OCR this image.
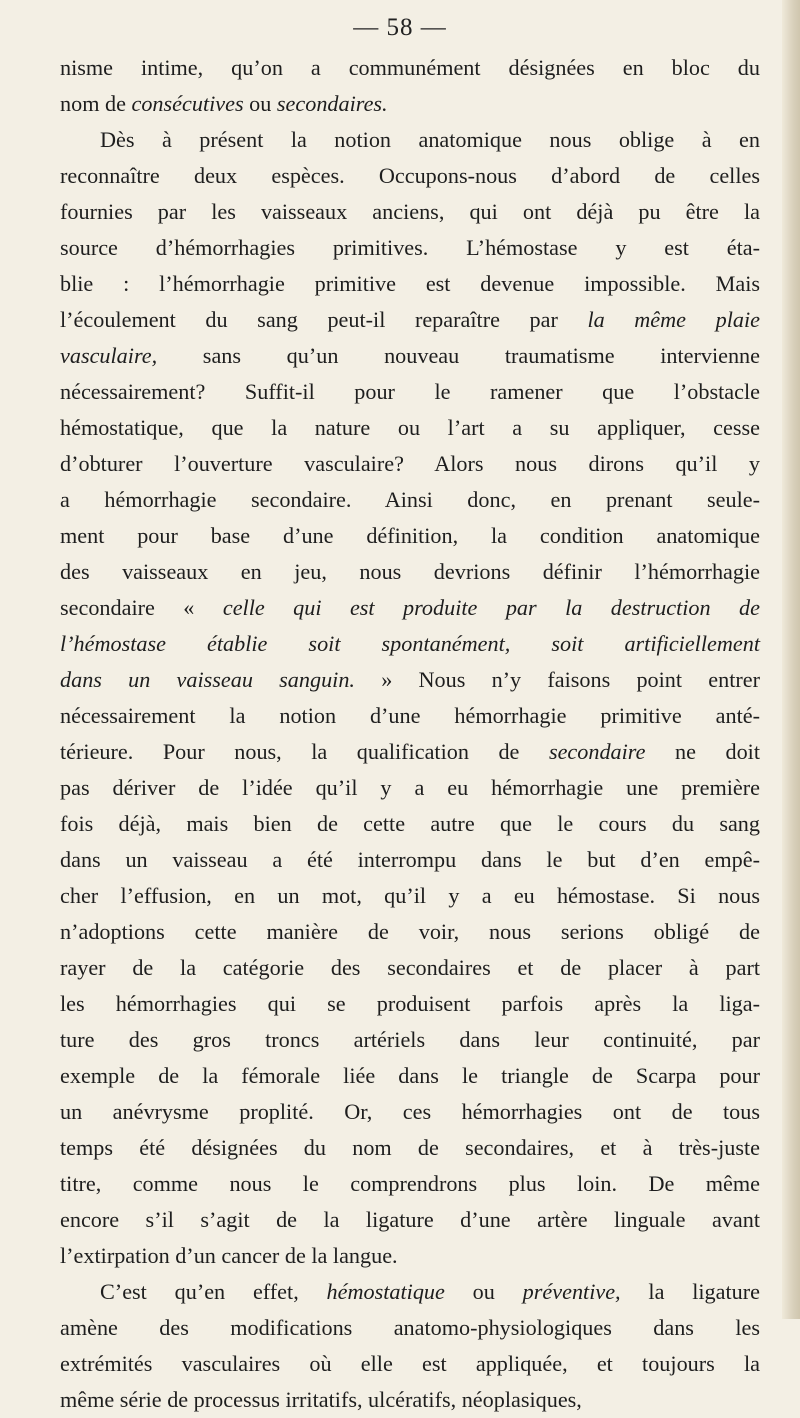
— 58 —

nisme intime, qu’on a communément désignées en bloc du
nom de consécutives ou secondaires.

Dès à présent la notion anatomique nous oblige à en
reconnaître deux espèces. Occupons-nous d’abord de celles
fournies par les vaisseaux anciens, qui ont déjà pu être la
source d’hémorrhagies primitives. L’hémostase y est éta-
blie : l’hémorrhagie primitive est devenue impossible. Mais
l’écoulement du sang peut-il reparaître par la même plaie
vasculaire, sans qu’un nouveau traumatisme intervienne
nécessairement? Suffit-il pour le ramener que l’obstacle
hémostatique, que la nature ou l’art a su appliquer, cesse
d’obturer l’ouverture vasculaire? Alors nous dirons qu’il y
a hémorrhagie secondaire. Ainsi donc, en prenant seule-
ment pour base d’une définition, la condition anatomique
des vaisseaux en jeu, nous devrions définir l’hémorrhagie
secondaire « celle qui est produite par la destruction de
l’hémostase établie soit spontanément, soit artificiellement
dans un vaisseau sanguin. » Nous n’y faisons point entrer
nécessairement la notion d’une hémorrhagie primitive anté-
térieure. Pour nous, la qualification de secondaire ne doit
pas dériver de l’idée qu’il y a eu hémorrhagie une première
fois déjà, mais bien de cette autre que le cours du sang
dans un vaisseau a été interrompu dans le but d’en empê-
cher l’effusion, en un mot, qu’il y a eu hémostase. Si nous
n’adoptions cette manière de voir, nous serions obligé de
rayer de la catégorie des secondaires et de placer à part
les hémorrhagies qui se produisent parfois après la liga-
ture des gros troncs artériels dans leur continuité, par
exemple de la fémorale liée dans le triangle de Scarpa pour
un anévrysme proplité. Or, ces hémorrhagies ont de tous
temps été désignées du nom de secondaires, et à très-juste
titre, comme nous le comprendrons plus loin. De même
encore s’il s’agit de la ligature d’une artère linguale avant
l’extirpation d’un cancer de la langue.

C’est qu’en effet, hémostatique ou préventive, la ligature
amène des modifications anatomo-physiologiques dans les
extrémités vasculaires où elle est appliquée, et toujours la
même série de processus irritatifs, ulcératifs, néoplasiques,
